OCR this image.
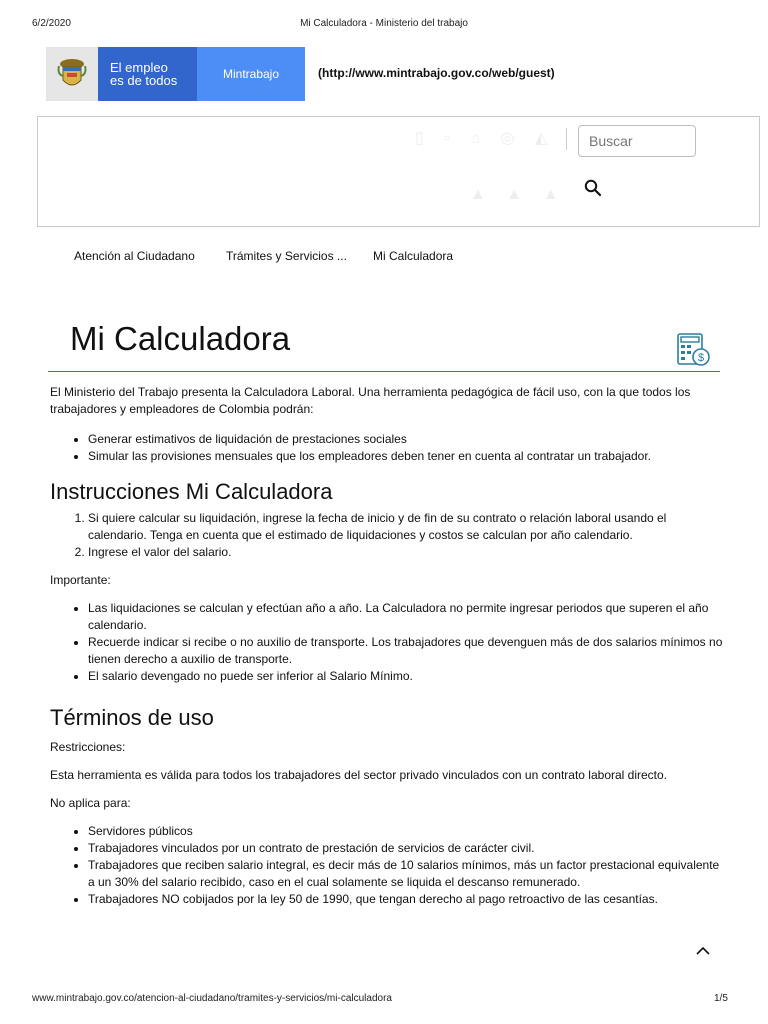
6/2/2020	Mi Calculadora - Ministerio del trabajo
El empleo
es de todos	Mintrabajo	(http://www.mintrabajo.gov.co/web/guest)
▯ ▫ ⌂ ◎ ◭
▲ ▲ ▲
Buscar
Atención al Ciudadano	Trámites y Servicios ... Mi Calculadora
Mi Calculadora
$

El Ministerio del Trabajo presenta la Calculadora Laboral. Una herramienta pedagógica de fácil uso, con la que todos los trabajadores y empleadores de Colombia podrán:

• Generar estimativos de liquidación de prestaciones sociales
• Simular las provisiones mensuales que los empleadores deben tener en cuenta al contratar un trabajador.
Instrucciones Mi Calculadora
1. Si quiere calcular su liquidación, ingrese la fecha de inicio y de fin de su contrato o relación laboral usando el calendario. Tenga en cuenta que el estimado de liquidaciones y costos se calculan por año calendario.
2. Ingrese el valor del salario.

Importante:

• Las liquidaciones se calculan y efectúan año a año. La Calculadora no permite ingresar periodos que superen el año calendario.
• Recuerde indicar si recibe o no auxilio de transporte. Los trabajadores que devenguen más de dos salarios mínimos no tienen derecho a auxilio de transporte.
• El salario devengado no puede ser inferior al Salario Mínimo.
Términos de uso

Restricciones:

Esta herramienta es válida para todos los trabajadores del sector privado vinculados con un contrato laboral directo.

No aplica para:

• Servidores públicos
• Trabajadores vinculados por un contrato de prestación de servicios de carácter civil.
• Trabajadores que reciben salario integral, es decir más de 10 salarios mínimos, más un factor prestacional equivalente a un 30% del salario recibido, caso en el cual solamente se liquida el descanso remunerado.
• Trabajadores NO cobijados por la ley 50 de 1990, que tengan derecho al pago retroactivo de las cesantías.
www.mintrabajo.gov.co/atencion-al-ciudadano/tramites-y-servicios/mi-calculadora	1/5
